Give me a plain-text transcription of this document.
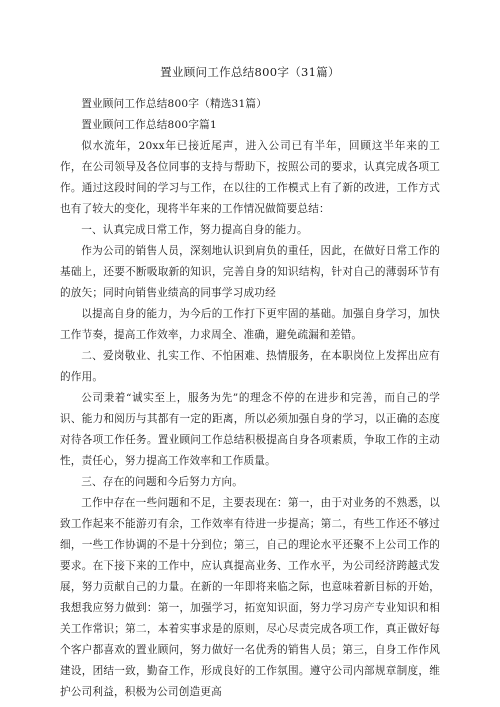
置业顾问工作总结800字（31篇）

置业顾问工作总结800字（精选31篇）

置业顾问工作总结800字篇1

似水流年，20xx年已接近尾声，进入公司已有半年，回顾这半年来的工作，在公司领导及各位同事的支持与帮助下，按照公司的要求，认真完成各项工作。通过这段时间的学习与工作，在以往的工作模式上有了新的改进，工作方式也有了较大的变化，现将半年来的工作情况做简要总结：

一、认真完成日常工作，努力提高自身的能力。

作为公司的销售人员，深刻地认识到肩负的重任，因此，在做好日常工作的基础上，还要不断吸取新的知识，完善自身的知识结构，针对自己的薄弱环节有的放矢；同时向销售业绩高的同事学习成功经

以提高自身的能力，为今后的工作打下更牢固的基础。加强自身学习，加快工作节奏，提高工作效率，力求周全、准确，避免疏漏和差错。

二、爱岗敬业、扎实工作、不怕困难、热情服务，在本职岗位上发挥出应有的作用。

公司秉着“诚实至上，服务为先”的理念不停的在进步和完善，而自己的学识、能力和阅历与其都有一定的距离，所以必须加强自身的学习，以正确的态度对待各项工作任务。置业顾问工作总结积极提高自身各项素质，争取工作的主动性，责任心，努力提高工作效率和工作质量。

三、存在的问题和今后努力方向。

工作中存在一些问题和不足，主要表现在：第一，由于对业务的不熟悉，以致工作起来不能游刃有余，工作效率有待进一步提高；第二，有些工作还不够过细，一些工作协调的不是十分到位；第三，自己的理论水平还聚不上公司工作的要求。在下接下来的工作中，应认真提高业务、工作水平，为公司经济跨越式发展，努力贡献自己的力量。在新的一年即将来临之际，也意味着新目标的开始，我想我应努力做到：第一，加强学习，拓宽知识面，努力学习房产专业知识和相关工作常识；第二，本着实事求是的原则，尽心尽责完成各项工作，真正做好每个客户都喜欢的置业顾问，努力做好一名优秀的销售人员；第三，自身工作作风建设，团结一致，勤奋工作，形成良好的工作氛围。遵守公司内部规章制度，维护公司利益，积极为公司创造更高
